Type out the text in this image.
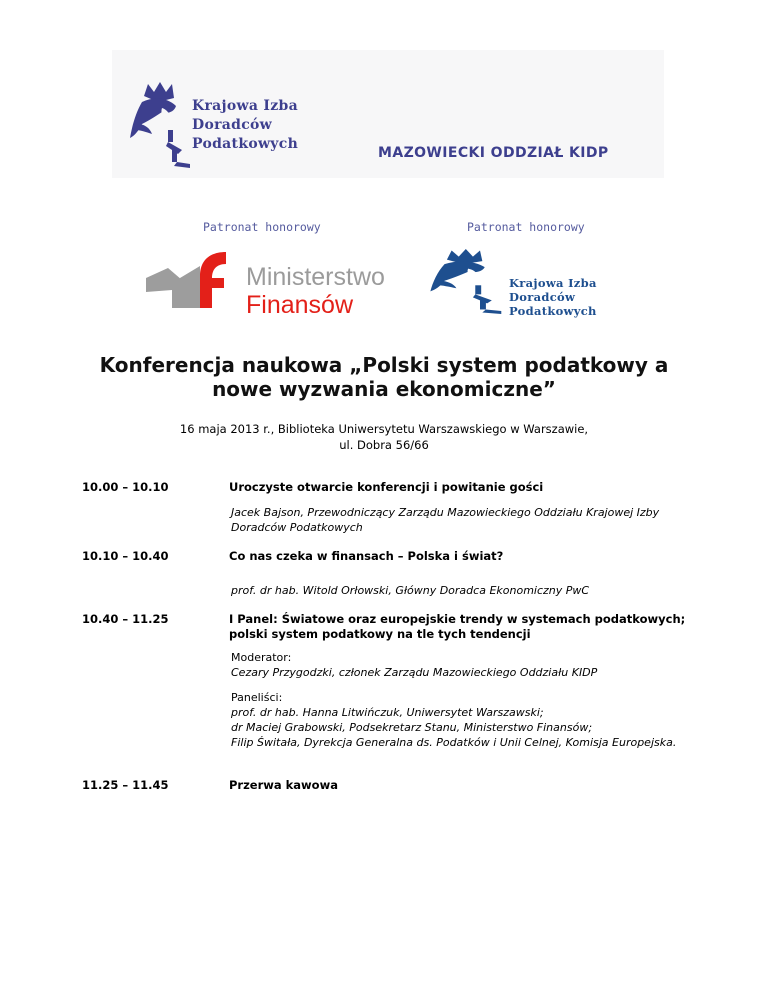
Krajowa Izba
Doradców
Podatkowych
MAZOWIECKI ODDZIAŁ KIDP
Patronat honorowy	Patronat honorowy
Ministerstwo
Finansów
Krajowa Izba
Doradców
Podatkowych
Konferencja naukowa „Polski system podatkowy a
nowe wyzwania ekonomiczne”
16 maja 2013 r., Biblioteka Uniwersytetu Warszawskiego w Warszawie,
ul. Dobra 56/66
10.00 – 10.10	Uroczyste otwarcie konferencji i powitanie gości
Jacek Bajson, Przewodniczący Zarządu Mazowieckiego Oddziału Krajowej Izby Doradców Podatkowych
10.10 – 10.40	Co nas czeka w finansach – Polska i świat?
prof. dr hab. Witold Orłowski, Główny Doradca Ekonomiczny PwC
10.40 – 11.25	I Panel: Światowe oraz europejskie trendy w systemach podatkowych;
polski system podatkowy na tle tych tendencji
Moderator:
Cezary Przygodzki, członek Zarządu Mazowieckiego Oddziału KIDP
Paneliści:
prof. dr hab. Hanna Litwińczuk, Uniwersytet Warszawski;
dr Maciej Grabowski, Podsekretarz Stanu, Ministerstwo Finansów;
Filip Świtała, Dyrekcja Generalna ds. Podatków i Unii Celnej, Komisja Europejska.
11.25 – 11.45	Przerwa kawowa
